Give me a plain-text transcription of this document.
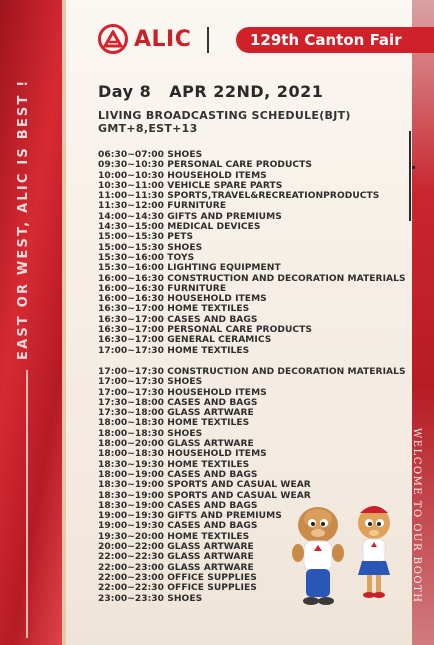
EAST OR WEST, ALIC IS BEST !
WELCOME TO OUR BOOTH
ALIC	129th Canton Fair
Day 8 APR 22ND, 2021
LIVING BROADCASTING SCHEDULE(BJT)
GMT+8,EST+13
06:30~07:00 SHOES
09:30~10:30 PERSONAL CARE PRODUCTS
10:00~10:30 HOUSEHOLD ITEMS
10:30~11:00 VEHICLE SPARE PARTS
11:00~11:30 SPORTS,TRAVEL&RECREATIONPRODUCTS
11:30~12:00 FURNITURE
14:00~14:30 GIFTS AND PREMIUMS
14:30~15:00 MEDICAL DEVICES
15:00~15:30 PETS
15:00~15:30 SHOES
15:30~16:00 TOYS
15:30~16:00 LIGHTING EQUIPMENT
16:00~16:30 CONSTRUCTION AND DECORATION MATERIALS
16:00~16:30 FURNITURE
16:00~16:30 HOUSEHOLD ITEMS
16:30~17:00 HOME TEXTILES
16:30~17:00 CASES AND BAGS
16:30~17:00 PERSONAL CARE PRODUCTS
16:30~17:00 GENERAL CERAMICS
17:00~17:30 HOME TEXTILES
17:00~17:30 CONSTRUCTION AND DECORATION MATERIALS
17:00~17:30 SHOES
17:00~17:30 HOUSEHOLD ITEMS
17:30~18:00 CASES AND BAGS
17:30~18:00 GLASS ARTWARE
18:00~18:30 HOME TEXTILES
18:00~18:30 SHOES
18:00~20:00 GLASS ARTWARE
18:00~18:30 HOUSEHOLD ITEMS
18:30~19:30 HOME TEXTILES
18:00~19:00 CASES AND BAGS
18:30~19:00 SPORTS AND CASUAL WEAR
18:30~19:00 SPORTS AND CASUAL WEAR
18:30~19:00 CASES AND BAGS
19:00~19:30 GIFTS AND PREMIUMS
19:00~19:30 CASES AND BAGS
19:30~20:00 HOME TEXTILES
20:00~22:00 GLASS ARTWARE
22:00~22:30 GLASS ARTWARE
22:00~23:00 GLASS ARTWARE
22:00~23:00 OFFICE SUPPLIES
22:00~22:30 OFFICE SUPPLIES
23:00~23:30 SHOES
